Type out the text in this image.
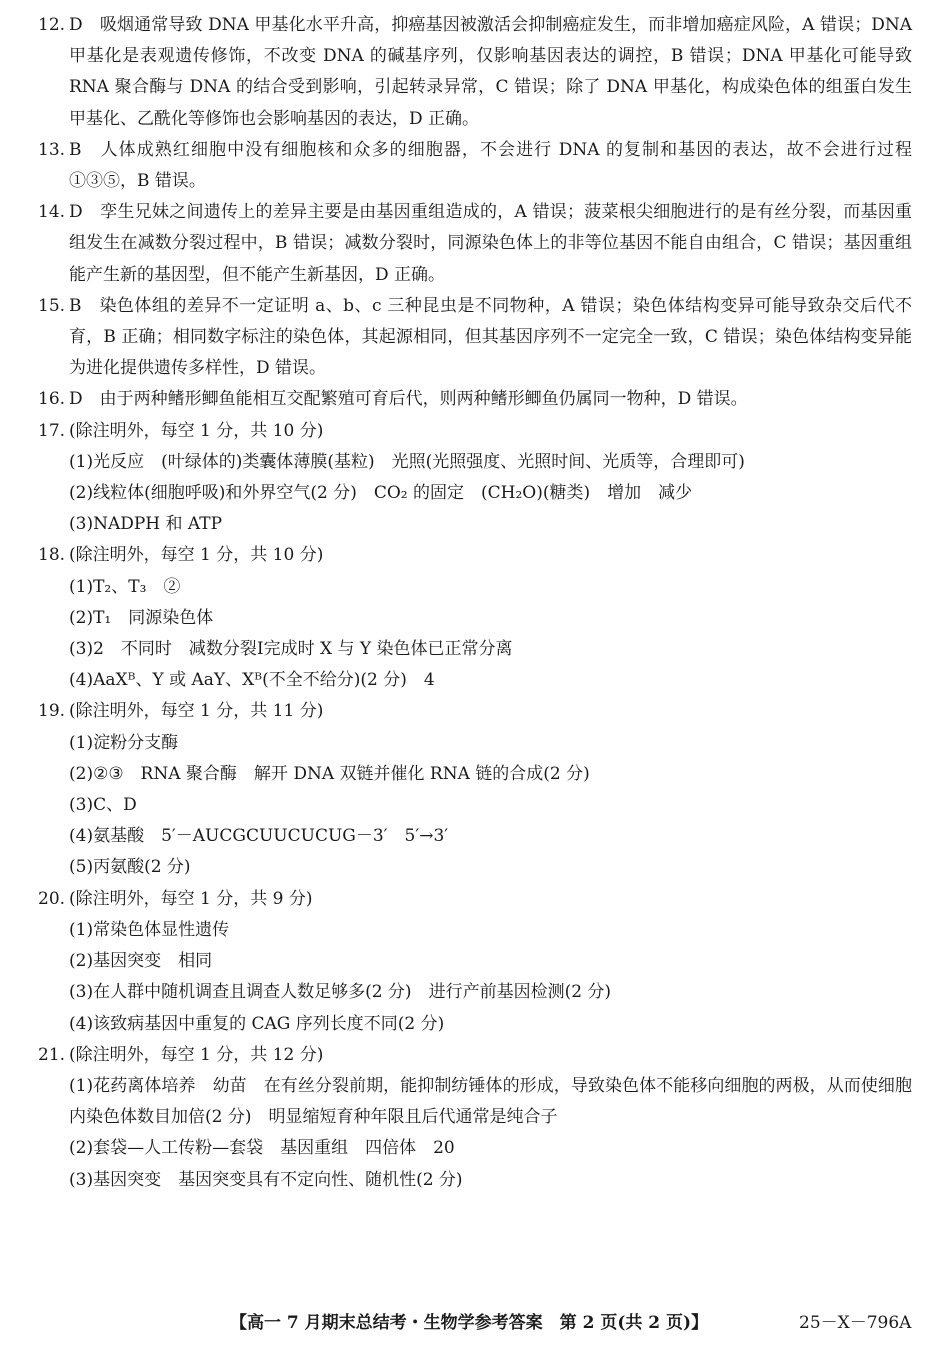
12. D　吸烟通常导致 DNA 甲基化水平升高，抑癌基因被激活会抑制癌症发生，而非增加癌症风险，A 错误；DNA 甲基化是表观遗传修饰，不改变 DNA 的碱基序列，仅影响基因表达的调控，B 错误；DNA 甲基化可能导致 RNA 聚合酶与 DNA 的结合受到影响，引起转录异常，C 错误；除了 DNA 甲基化，构成染色体的组蛋白发生甲基化、乙酰化等修饰也会影响基因的表达，D 正确。

13. B　人体成熟红细胞中没有细胞核和众多的细胞器，不会进行 DNA 的复制和基因的表达，故不会进行过程①③⑤，B 错误。

14. D　孪生兄妹之间遗传上的差异主要是由基因重组造成的，A 错误；菠菜根尖细胞进行的是有丝分裂，而基因重组发生在减数分裂过程中，B 错误；减数分裂时，同源染色体上的非等位基因不能自由组合，C 错误；基因重组能产生新的基因型，但不能产生新基因，D 正确。

15. B　染色体组的差异不一定证明 a、b、c 三种昆虫是不同物种，A 错误；染色体结构变异可能导致杂交后代不育，B 正确；相同数字标注的染色体，其起源相同，但其基因序列不一定完全一致，C 错误；染色体结构变异能为进化提供遗传多样性，D 错误。

16. D　由于两种鳍形鲫鱼能相互交配繁殖可育后代，则两种鳍形鲫鱼仍属同一物种，D 错误。

17. (除注明外，每空 1 分，共 10 分)

(1)光反应　(叶绿体的)类囊体薄膜(基粒)　光照(光照强度、光照时间、光质等，合理即可)

(2)线粒体(细胞呼吸)和外界空气(2 分)　CO₂ 的固定　(CH₂O)(糖类)　增加　减少

(3)NADPH 和 ATP

18. (除注明外，每空 1 分，共 10 分)

(1)T₂、T₃　②

(2)T₁　同源染色体

(3)2　不同时　减数分裂Ⅰ完成时 X 与 Y 染色体已正常分离

(4)AaXᴮ、Y 或 AaY、Xᴮ(不全不给分)(2 分)　4

19. (除注明外，每空 1 分，共 11 分)

(1)淀粉分支酶

(2)②③　RNA 聚合酶　解开 DNA 双链并催化 RNA 链的合成(2 分)

(3)C、D

(4)氨基酸　5′－AUCGCUUCUCUG－3′　5′→3′

(5)丙氨酸(2 分)

20. (除注明外，每空 1 分，共 9 分)

(1)常染色体显性遗传

(2)基因突变　相同

(3)在人群中随机调查且调查人数足够多(2 分)　进行产前基因检测(2 分)

(4)该致病基因中重复的 CAG 序列长度不同(2 分)

21. (除注明外，每空 1 分，共 12 分)

(1)花药离体培养　幼苗　在有丝分裂前期，能抑制纺锤体的形成，导致染色体不能移向细胞的两极，从而使细胞内染色体数目加倍(2 分)　明显缩短育种年限且后代通常是纯合子

(2)套袋—人工传粉—套袋　基因重组　四倍体　20

(3)基因突变　基因突变具有不定向性、随机性(2 分)

【高一 7 月期末总结考・生物学参考答案　第 2 页(共 2 页)】	25－X－796A
